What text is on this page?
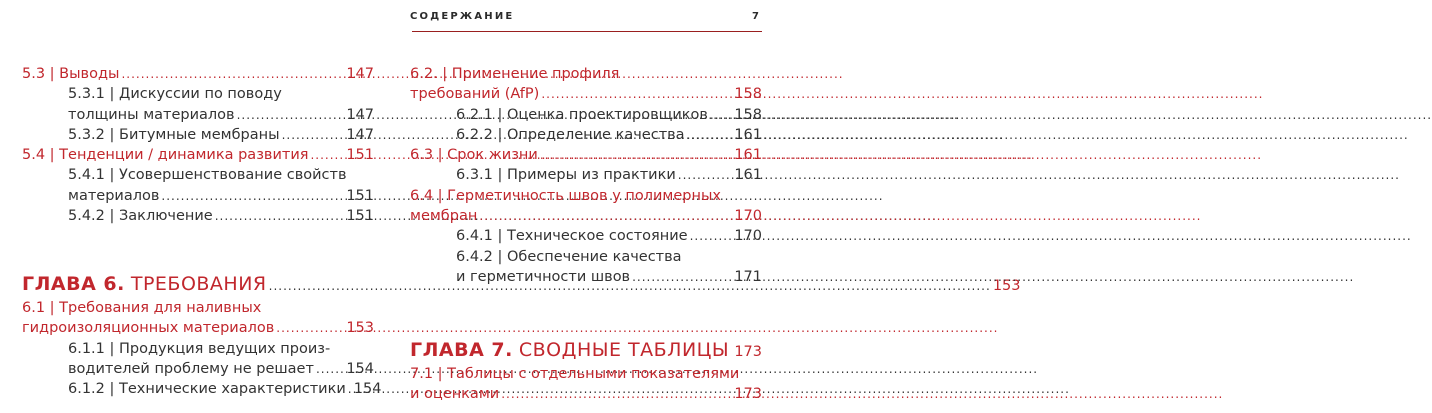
СОДЕРЖАНИЕ	7
5.3 | Выводы .....	147
5.3.1 | Дискуссии по поводу
толщины материалов .....	147
5.3.2 | Битумные мембраны .....	147
5.4 | Тенденции / динамика развития .....	151
5.4.1 | Усовершенствование свойств
материалов .....	151
5.4.2 | Заключение .....	151
ГЛАВА 6. ТРЕБОВАНИЯ .....	153
6.1 | Требования для наливных
гидроизоляционных материалов .....	153
6.1.1 | Продукция ведущих произ-
водителей проблему не решает ..... 154
6.1.2 | Технические характеристики ..... 154
6.2. | Применение профиля
требований (AfP) .....	158
6.2.1 | Оценка проектировщиков ..... 158
6.2.2 | Определение качества .....	161
6.3 | Срок жизни .....	161
6.3.1 | Примеры из практики .....	161
6.4 | Герметичность швов у полимерных
мембран .....	170
6.4.1 | Техническое состояние .....	170
6.4.2 | Обеспечение качества
и герметичности швов .....	171
ГЛАВА 7. СВОДНЫЕ ТАБЛИЦЫ ..... 173
7.1 | Таблицы с отдельными показателями
и оценками .....	173
